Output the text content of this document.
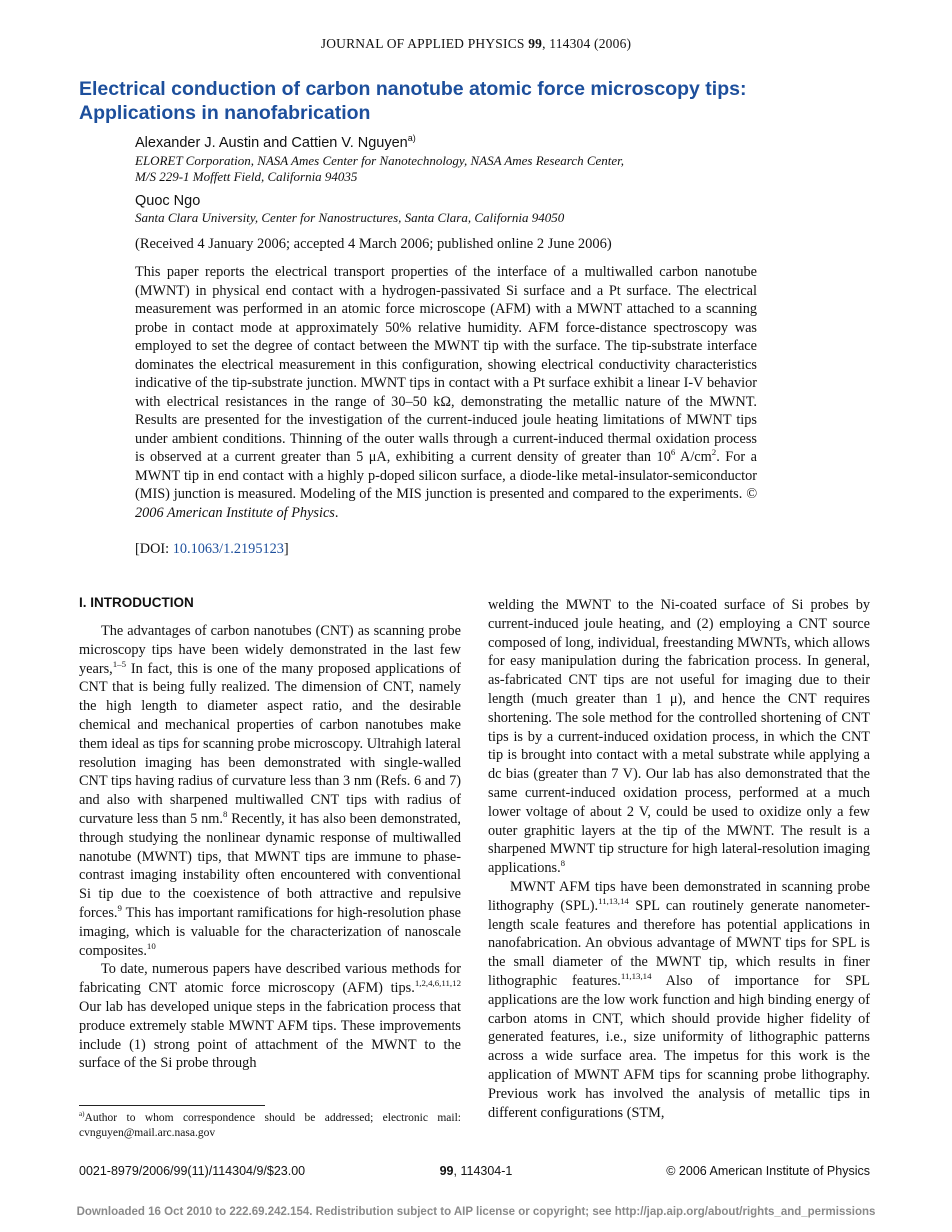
JOURNAL OF APPLIED PHYSICS 99, 114304 (2006)
Electrical conduction of carbon nanotube atomic force microscopy tips:
Applications in nanofabrication
Alexander J. Austin and Cattien V. Nguyen$^{a)}$
ELORET Corporation, NASA Ames Center for Nanotechnology, NASA Ames Research Center,
M/S 229-1 Moffett Field, California 94035
Quoc Ngo
Santa Clara University, Center for Nanostructures, Santa Clara, California 94050
(Received 4 January 2006; accepted 4 March 2006; published online 2 June 2006)

This paper reports the electrical transport properties of the interface of a multiwalled carbon nanotube (MWNT) in physical end contact with a hydrogen-passivated Si surface and a Pt surface. The electrical measurement was performed in an atomic force microscope (AFM) with a MWNT attached to a scanning probe in contact mode at approximately 50% relative humidity. AFM force-distance spectroscopy was employed to set the degree of contact between the MWNT tip with the surface. The tip-substrate interface dominates the electrical measurement in this configuration, showing electrical conductivity characteristics indicative of the tip-substrate junction. MWNT tips in contact with a Pt surface exhibit a linear I-V behavior with electrical resistances in the range of 30–50 kΩ, demonstrating the metallic nature of the MWNT. Results are presented for the investigation of the current-induced joule heating limitations of MWNT tips under ambient conditions. Thinning of the outer walls through a current-induced thermal oxidation process is observed at a current greater than 5 μA, exhibiting a current density of greater than $10^6$ $A/cm^2$. For a MWNT tip in end contact with a highly p-doped silicon surface, a diode-like metal-insulator-semiconductor (MIS) junction is measured. Modeling of the MIS junction is presented and compared to the experiments. © 2006 American Institute of Physics.

[DOI: 10.1063/1.2195123]
I. INTRODUCTION

The advantages of carbon nanotubes (CNT) as scanning probe microscopy tips have been widely demonstrated in the last few years,$^{1-5}$ In fact, this is one of the many proposed applications of CNT that is being fully realized. The dimension of CNT, namely the high length to diameter aspect ratio, and the desirable chemical and mechanical properties of carbon nanotubes make them ideal as tips for scanning probe microscopy. Ultrahigh lateral resolution imaging has been demonstrated with single-walled CNT tips having radius of curvature less than 3 nm (Refs. 6 and 7) and also with sharpened multiwalled CNT tips with radius of curvature less than 5 nm.$^8$ Recently, it has also been demonstrated, through studying the nonlinear dynamic response of multiwalled nanotube (MWNT) tips, that MWNT tips are immune to phase-contrast imaging instability often encountered with conventional Si tip due to the coexistence of both attractive and repulsive forces.$^9$ This has important ramifications for high-resolution phase imaging, which is valuable for the characterization of nanoscale composites.$^{10}$

To date, numerous papers have described various methods for fabricating CNT atomic force microscopy (AFM) tips.$^{1,2,4,6,11,12}$ Our lab has developed unique steps in the fabrication process that produce extremely stable MWNT AFM tips. These improvements include (1) strong point of attachment of the MWNT to the surface of the Si probe through

welding the MWNT to the Ni-coated surface of Si probes by current-induced joule heating, and (2) employing a CNT source composed of long, individual, freestanding MWNTs, which allows for easy manipulation during the fabrication process. In general, as-fabricated CNT tips are not useful for imaging due to their length (much greater than 1 μ), and hence the CNT requires shortening. The sole method for the controlled shortening of CNT tips is by a current-induced oxidation process, in which the CNT tip is brought into contact with a metal substrate while applying a dc bias (greater than 7 V). Our lab has also demonstrated that the same current-induced oxidation process, performed at a much lower voltage of about 2 V, could be used to oxidize only a few outer graphitic layers at the tip of the MWNT. The result is a sharpened MWNT tip structure for high lateral-resolution imaging applications.$^8$

MWNT AFM tips have been demonstrated in scanning probe lithography (SPL).$^{11,13,14}$ SPL can routinely generate nanometer-length scale features and therefore has potential applications in nanofabrication. An obvious advantage of MWNT tips for SPL is the small diameter of the MWNT tip, which results in finer lithographic features.$^{11,13,14}$ Also of importance for SPL applications are the low work function and high binding energy of carbon atoms in CNT, which should provide higher fidelity of generated features, i.e., size uniformity of lithographic patterns across a wide surface area. The impetus for this work is the application of MWNT AFM tips for scanning probe lithography. Previous work has involved the analysis of metallic tips in different configurations (STM,

$^{a)}$Author to whom correspondence should be addressed; electronic mail: cvnguyen@mail.arc.nasa.gov
0021-8979/2006/99(11)/114304/9/$23.00	99, 114304-1	© 2006 American Institute of Physics
Downloaded 16 Oct 2010 to 222.69.242.154. Redistribution subject to AIP license or copyright; see http://jap.aip.org/about/rights_and_permissions
